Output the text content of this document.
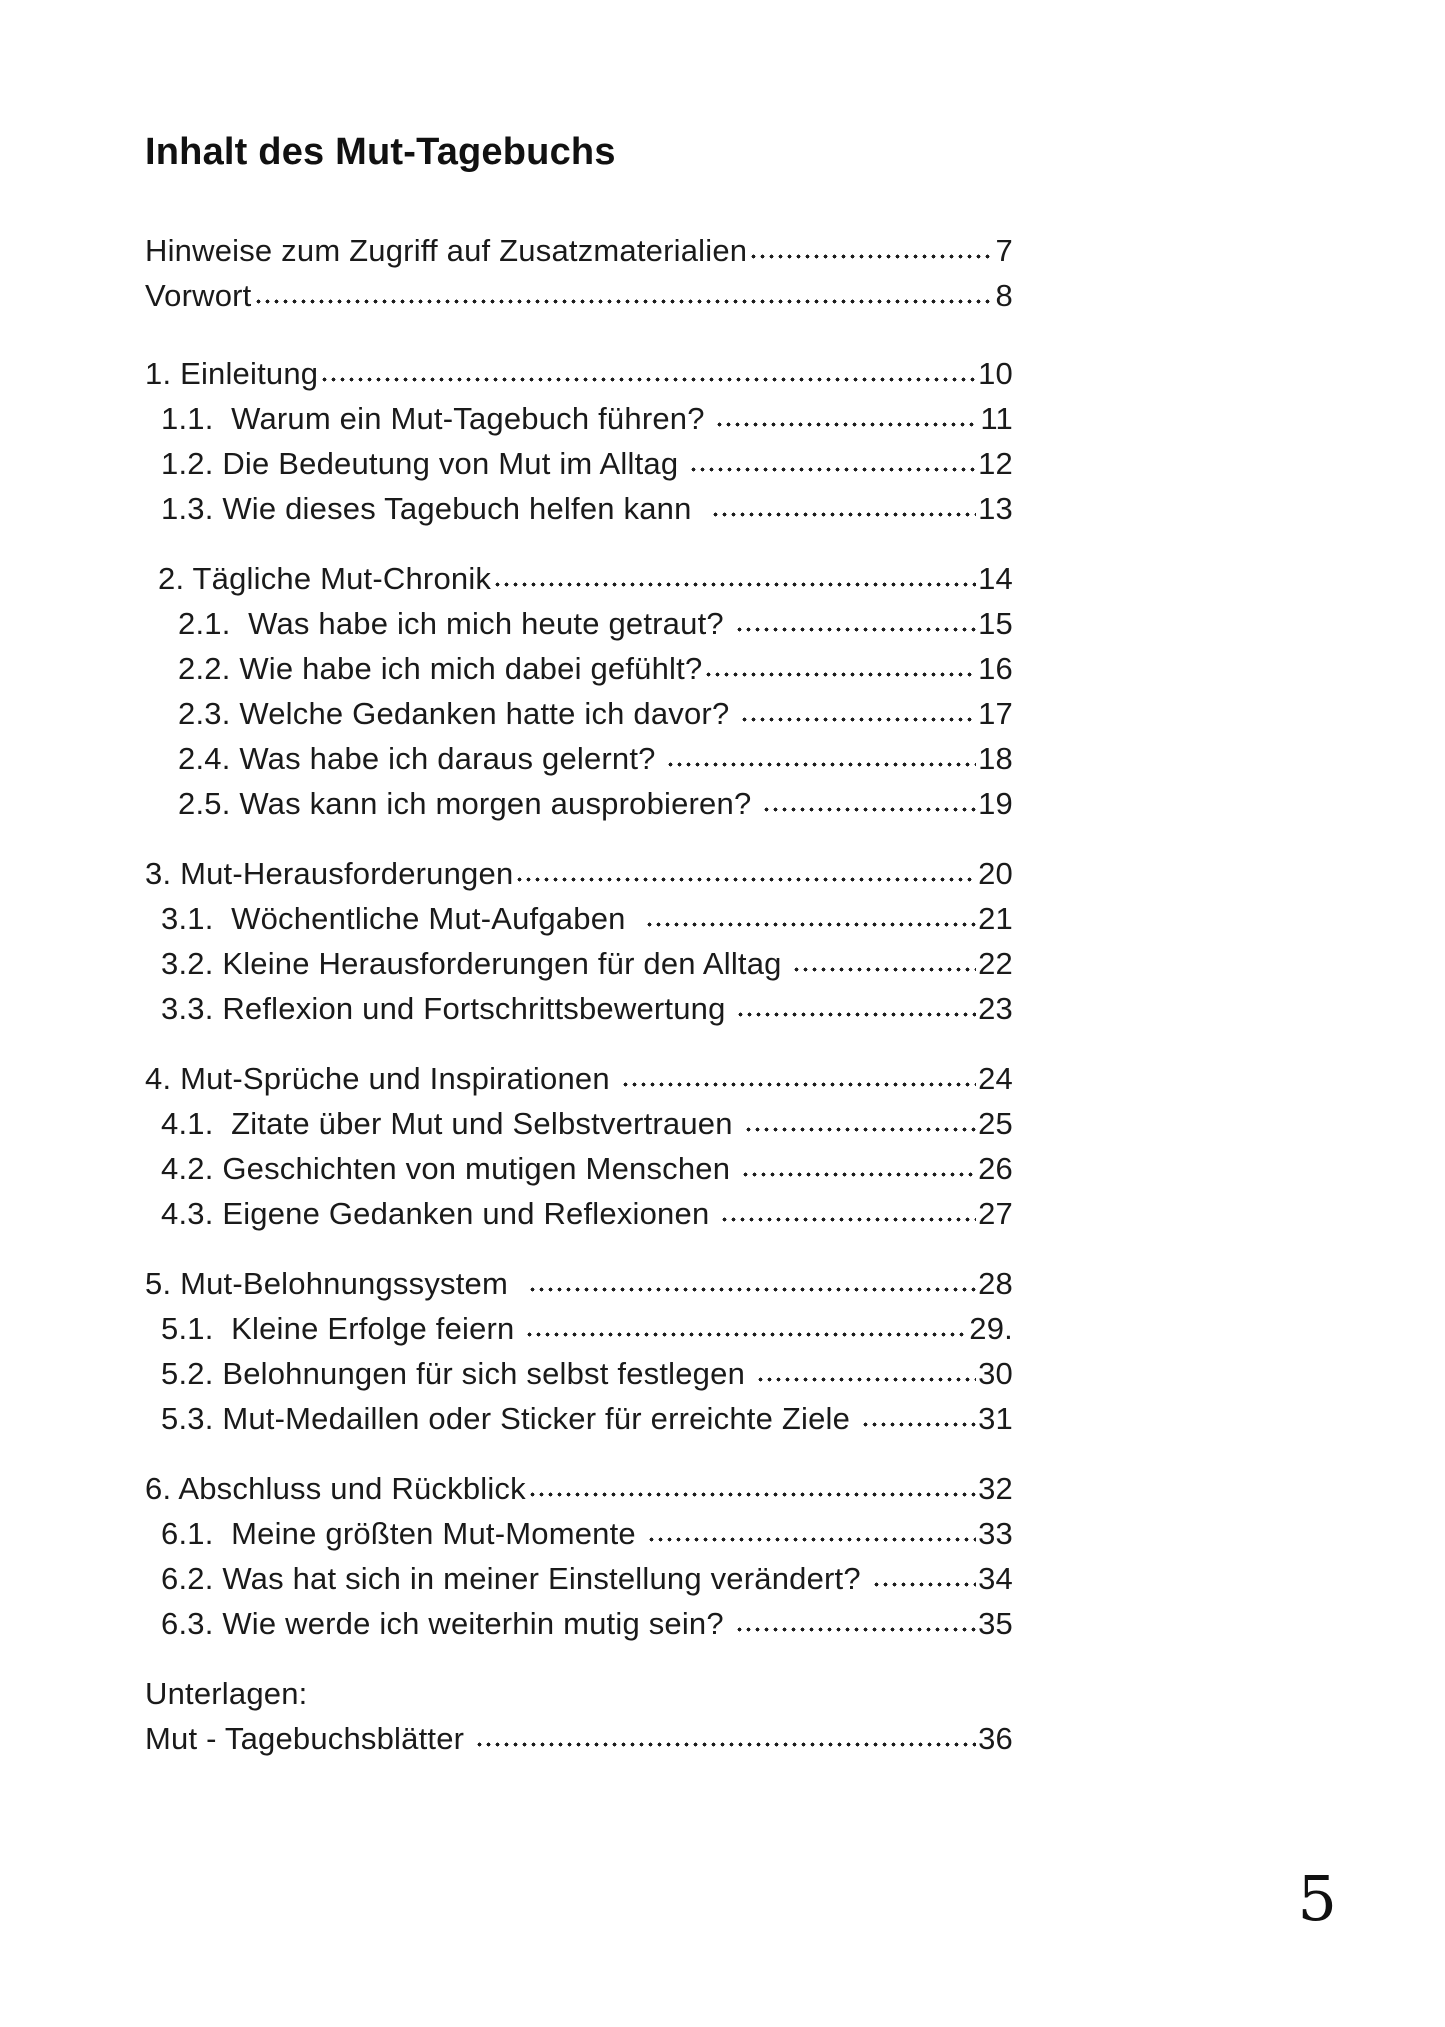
Inhalt des Mut-Tagebuchs
Hinweise zum Zugriff auf Zusatzmaterialien	7
Vorwort	8
1. Einleitung	10
1.1.  Warum ein Mut-Tagebuch führen?	11
1.2. Die Bedeutung von Mut im Alltag	12
1.3. Wie dieses Tagebuch helfen kann	13
2. Tägliche Mut-Chronik	14
2.1.  Was habe ich mich heute getraut?	15
2.2. Wie habe ich mich dabei gefühlt?	16
2.3. Welche Gedanken hatte ich davor?	17
2.4. Was habe ich daraus gelernt?	18
2.5. Was kann ich morgen ausprobieren?	19
3. Mut-Herausforderungen	20
3.1.  Wöchentliche Mut-Aufgaben	21
3.2. Kleine Herausforderungen für den Alltag	22
3.3. Reflexion und Fortschrittsbewertung	23
4. Mut-Sprüche und Inspirationen	24
4.1.  Zitate über Mut und Selbstvertrauen	25
4.2. Geschichten von mutigen Menschen	26
4.3. Eigene Gedanken und Reflexionen	27
5. Mut-Belohnungssystem	28
5.1.  Kleine Erfolge feiern	29.
5.2. Belohnungen für sich selbst festlegen	30
5.3. Mut-Medaillen oder Sticker für erreichte Ziele	31
6. Abschluss und Rückblick	32
6.1.  Meine größten Mut-Momente	33
6.2. Was hat sich in meiner Einstellung verändert?	34
6.3. Wie werde ich weiterhin mutig sein?	35
Unterlagen:
Mut - Tagebuchsblätter	36
5
